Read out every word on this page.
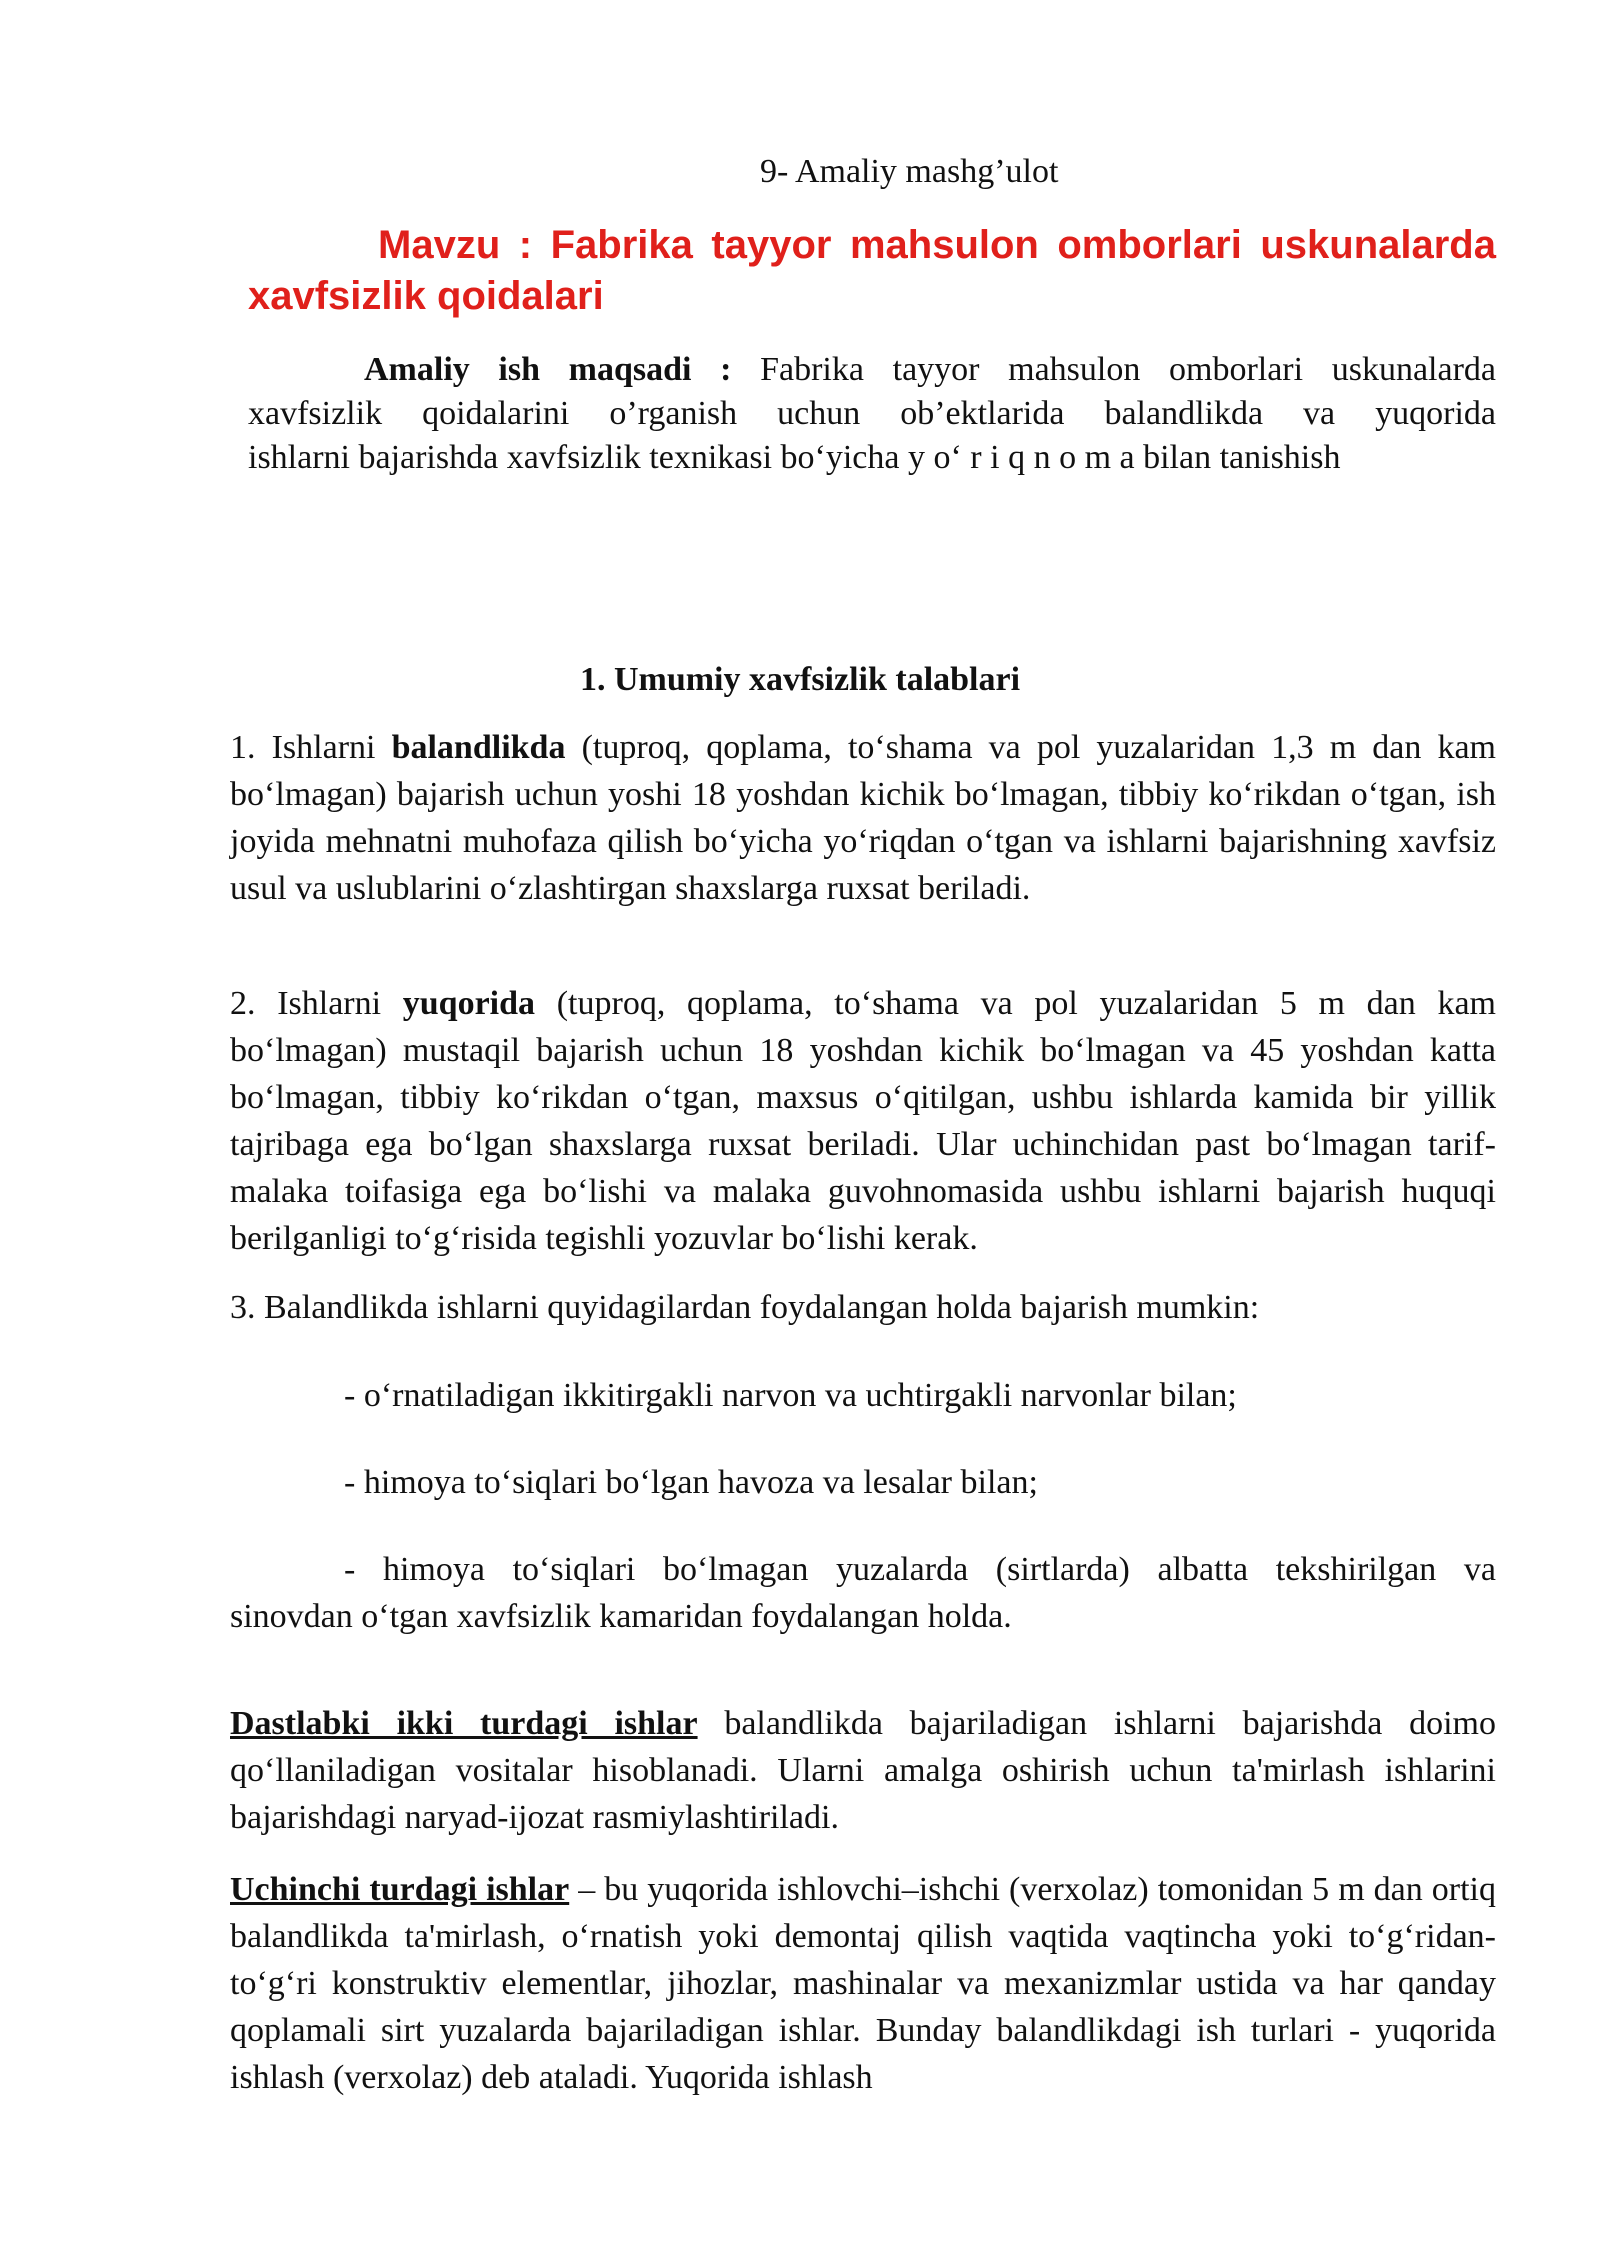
9- Amaliy mashg’ulot
Mavzu : Fabrika tayyor mahsulon omborlari uskunalarda
xavfsizlik qoidalari
Amaliy ish maqsadi : Fabrika tayyor mahsulon omborlari uskunalarda
xavfsizlik qoidalarini o’rganish uchun ob’ektlarida balandlikda va yuqorida
ishlarni bajarishda xavfsizlik texnikasi bo‘yicha y o‘ r i q n o m a bilan tanishish
1. Umumiy xavfsizlik talablari

1. Ishlarni balandlikda (tuproq, qoplama, to‘shama va pol yuzalaridan 1,3 m dan kam bo‘lmagan) bajarish uchun yoshi 18 yoshdan kichik bo‘lmagan, tibbiy ko‘rikdan o‘tgan, ish joyida mehnatni muhofaza qilish bo‘yicha yo‘riqdan o‘tgan va ishlarni bajarishning xavfsiz usul va uslublarini o‘zlashtirgan shaxslarga ruxsat beriladi.

2. Ishlarni yuqorida (tuproq, qoplama, to‘shama va pol yuzalaridan 5 m dan kam bo‘lmagan) mustaqil bajarish uchun 18 yoshdan kichik bo‘lmagan va 45 yoshdan katta bo‘lmagan, tibbiy ko‘rikdan o‘tgan, maxsus o‘qitilgan, ushbu ishlarda kamida bir yillik tajribaga ega bo‘lgan shaxslarga ruxsat beriladi. Ular uchinchidan past bo‘lmagan tarif-malaka toifasiga ega bo‘lishi va malaka guvohnomasida ushbu ishlarni bajarish huquqi berilganligi to‘g‘risida tegishli yozuvlar bo‘lishi kerak.

3. Balandlikda ishlarni quyidagilardan foydalangan holda bajarish mumkin:

- o‘rnatiladigan ikkitirgakli narvon va uchtirgakli narvonlar bilan;

- himoya to‘siqlari bo‘lgan havoza va lesalar bilan;

- himoya to‘siqlari bo‘lmagan yuzalarda (sirtlarda) albatta tekshirilgan va
sinovdan o‘tgan xavfsizlik kamaridan foydalangan holda.

Dastlabki ikki turdagi ishlar balandlikda bajariladigan ishlarni bajarishda doimo qo‘llaniladigan vositalar hisoblanadi. Ularni amalga oshirish uchun ta'mirlash ishlarini bajarishdagi naryad-ijozat rasmiylashtiriladi.

Uchinchi turdagi ishlar – bu yuqorida ishlovchi–ishchi (verxolaz) tomonidan 5 m dan ortiq balandlikda ta'mirlash, o‘rnatish yoki demontaj qilish vaqtida vaqtincha yoki to‘g‘ridan-to‘g‘ri konstruktiv elementlar, jihozlar, mashinalar va mexanizmlar ustida va har qanday qoplamali sirt yuzalarda bajariladigan ishlar. Bunday balandlikdagi ish turlari - yuqorida ishlash (verxolaz) deb ataladi. Yuqorida ishlash
